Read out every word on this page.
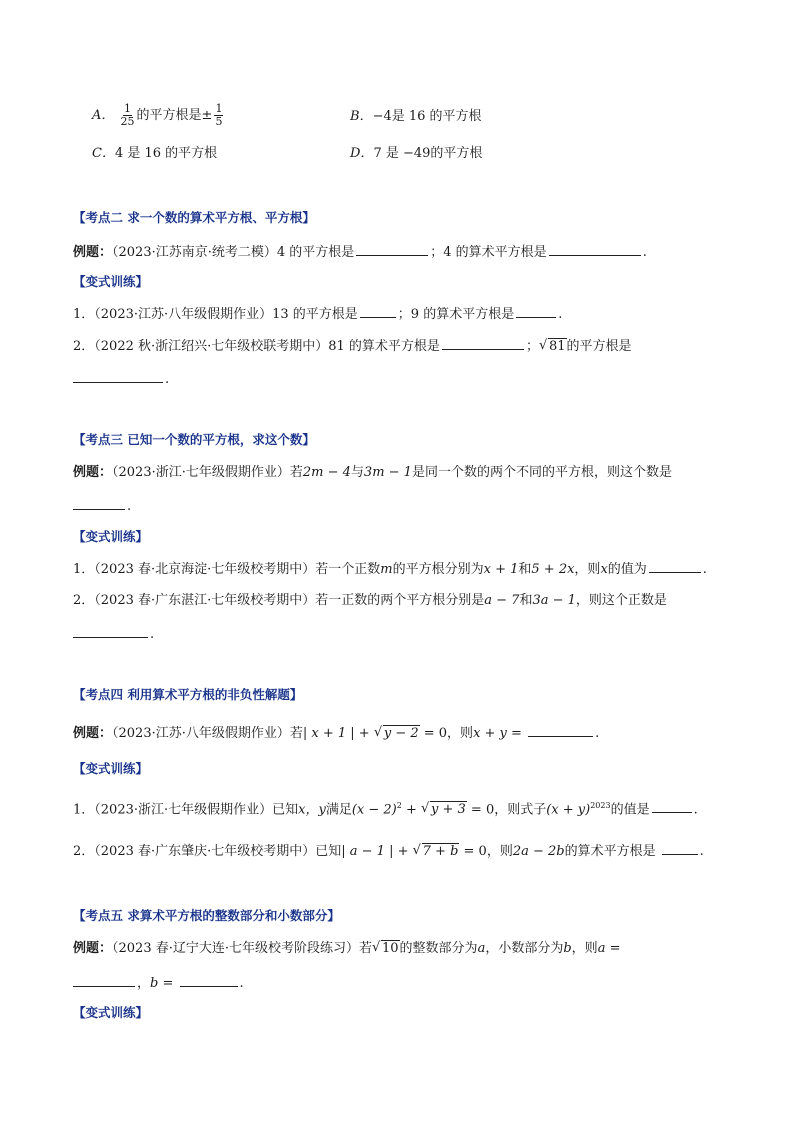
A． $\frac{1}{25}$ 的平方根是± $\frac{1}{5}$	B．−4是 16 的平方根
C．4 是 16 的平方根	D．7 是 −49的平方根
【考点二 求一个数的算术平方根、平方根】
例题：（2023·江苏南京·统考二模）4 的平方根是	；4 的算术平方根是	.
【变式训练】
1．（2023·江苏·八年级假期作业）13 的平方根是	；9 的算术平方根是	.
2．（2022 秋·浙江绍兴·七年级校联考期中）81 的算术平方根是	； √ 81的平方根是
.
【考点三 已知一个数的平方根，求这个数】
例题：（2023·浙江·七年级假期作业）若2m − 4与3m − 1是同一个数的两个不同的平方根，则这个数是
.
【变式训练】
1．（2023 春·北京海淀·七年级校考期中）若一个正数m的平方根分别为x + 1和5 + 2x，则x的值为	.
2．（2023 春·广东湛江·七年级校考期中）若一正数的两个平方根分别是a − 7和3a − 1，则这个正数是
.
【考点四 利用算术平方根的非负性解题】
例题：（2023·江苏·八年级假期作业）若| x + 1 | + √ y − 2 = 0，则x + y =	.
【变式训练】
1．（2023·浙江·七年级假期作业）已知x，y满足$(x - 2)^2$ + √ y + 3 = 0，则式子$(x + y)^{2023}$的值是	.
2．（2023 春·广东肇庆·七年级校考期中）已知| a − 1 | + √ 7 + b = 0，则2a − 2b的算术平方根是	.
【考点五 求算术平方根的整数部分和小数部分】
例题：（2023 春·辽宁大连·七年级校考阶段练习）若 √ 10的整数部分为a，小数部分为b，则a =
，b =	.
【变式训练】
